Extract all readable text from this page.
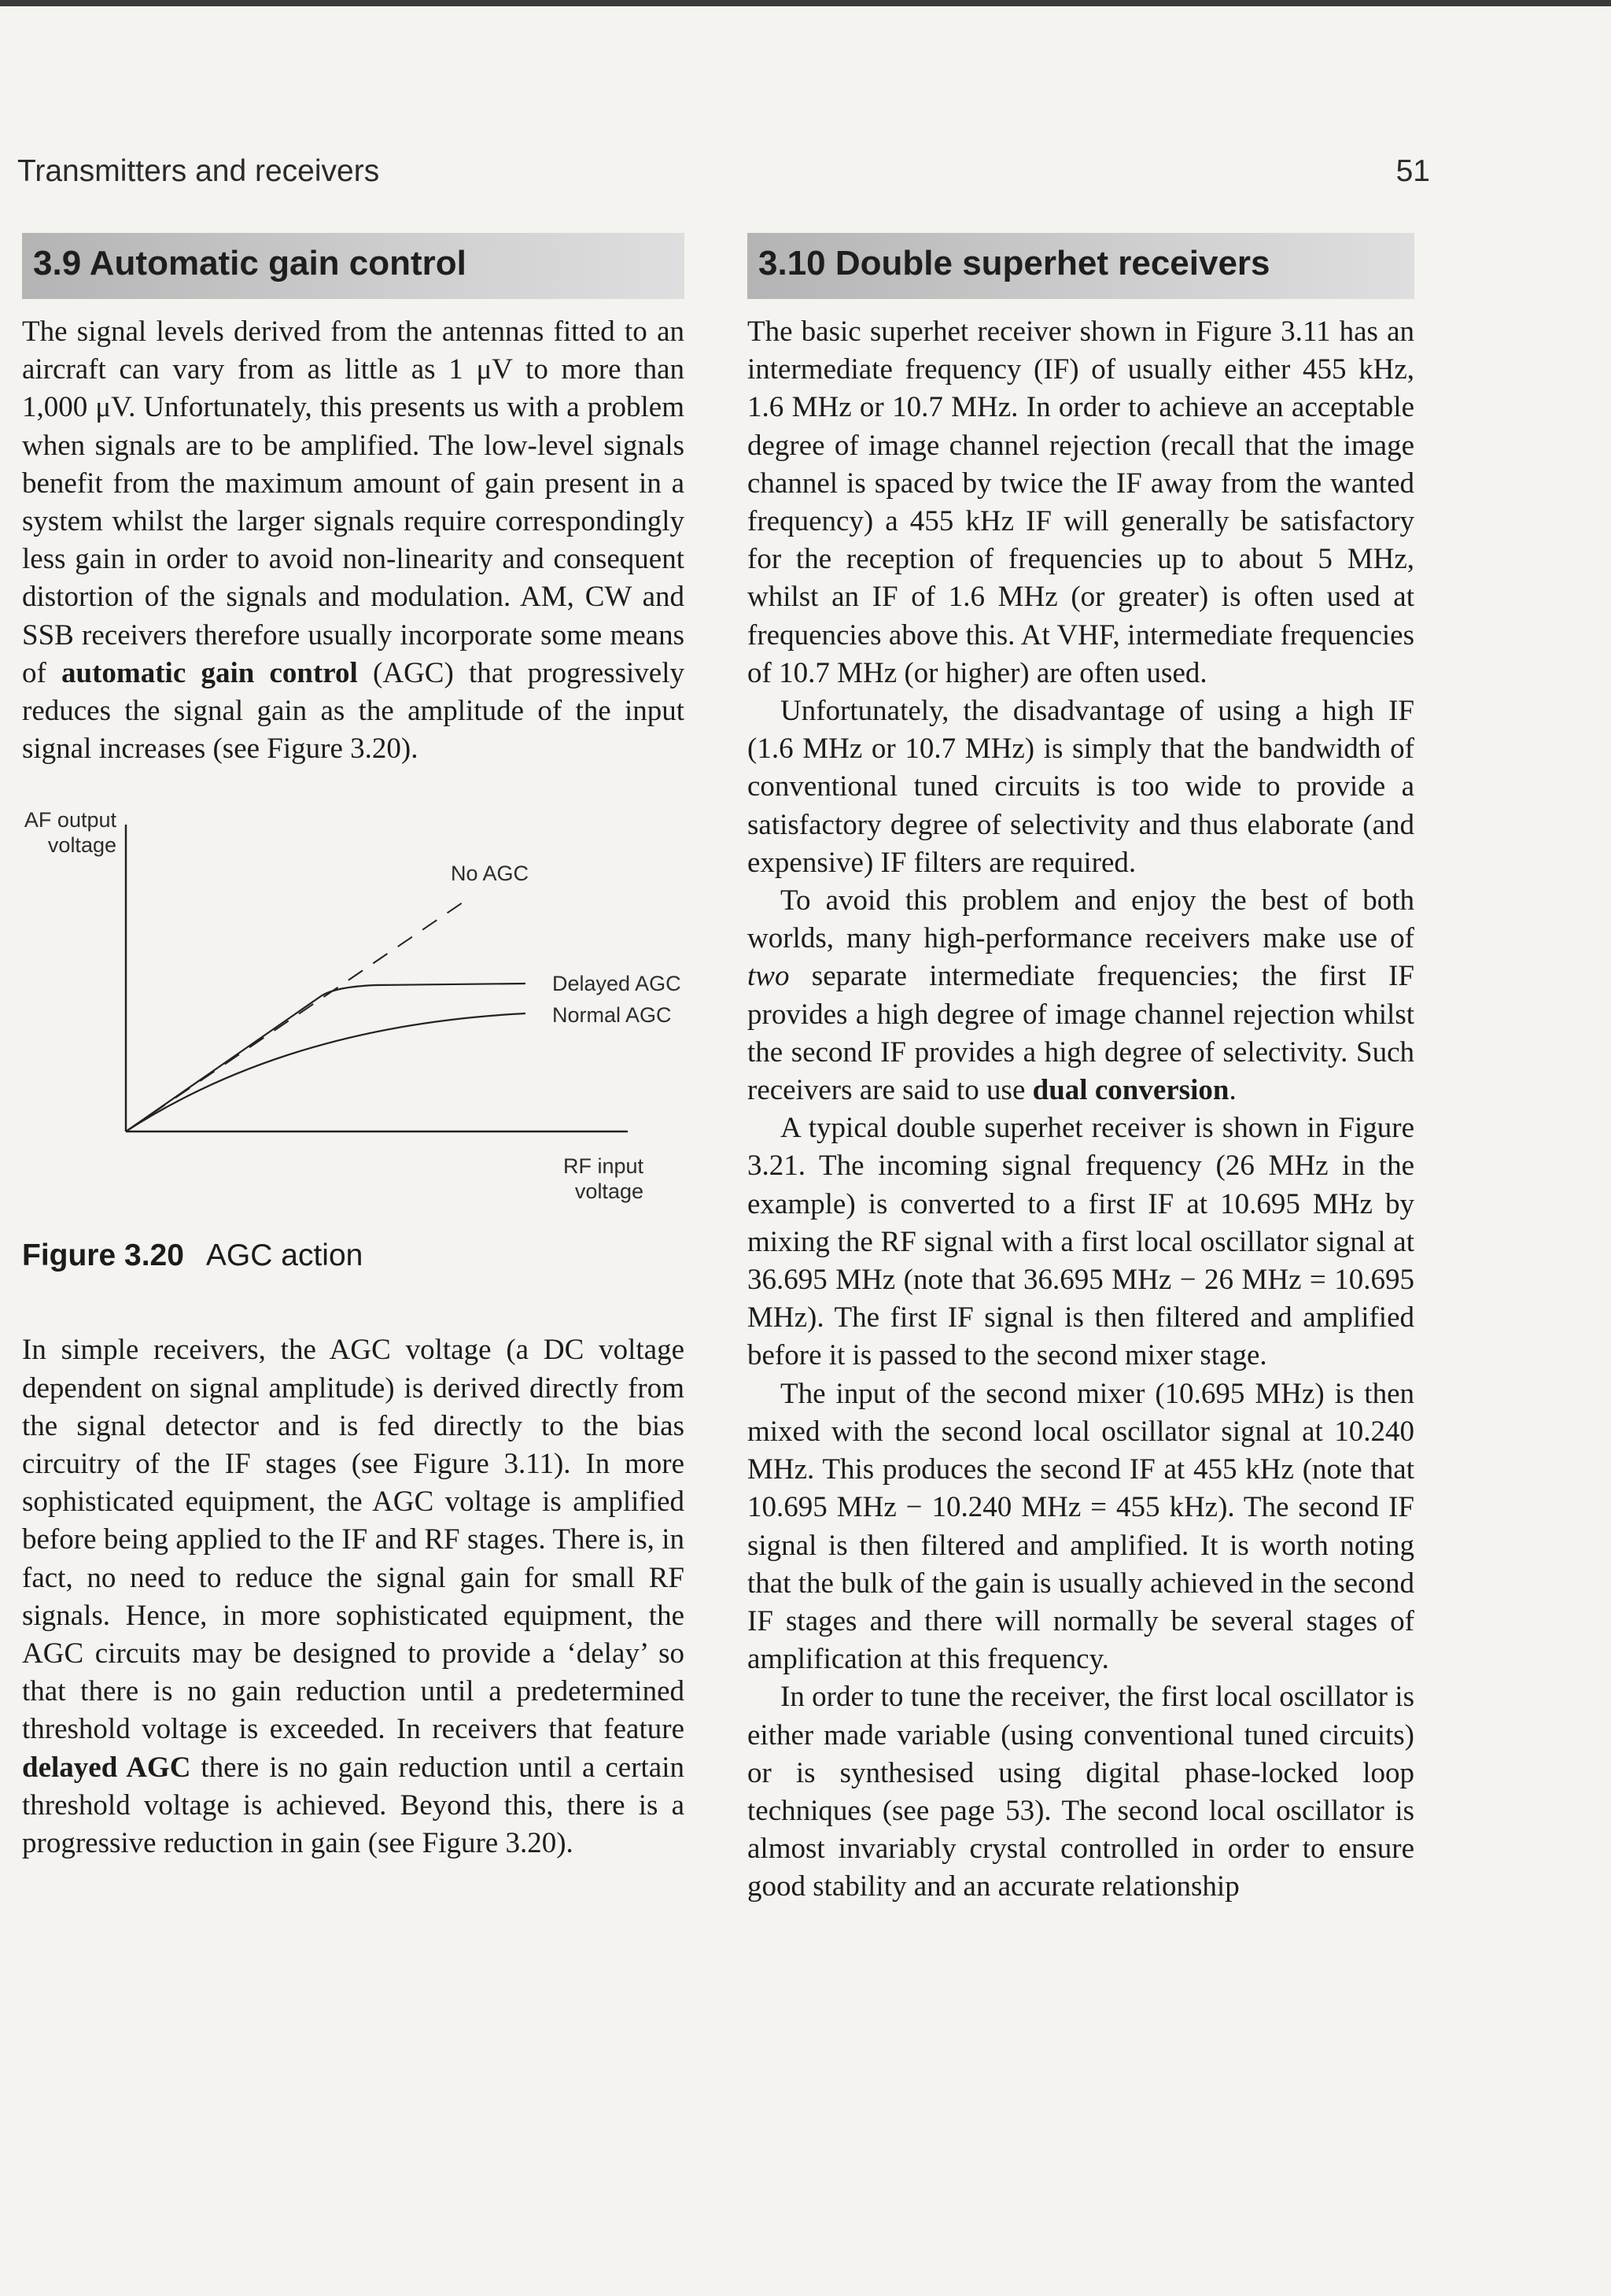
Transmitters and receivers	51
3.9 Automatic gain control

The signal levels derived from the antennas fitted to an aircraft can vary from as little as 1 μV to more than 1,000 μV. Unfortunately, this presents us with a problem when signals are to be amplified. The low-level signals benefit from the maximum amount of gain present in a system whilst the larger signals require correspondingly less gain in order to avoid non-linearity and consequent distortion of the signals and modulation. AM, CW and SSB receivers therefore usually incorporate some means of automatic gain control (AGC) that progressively reduces the signal gain as the amplitude of the input signal increases (see Figure 3.20).

AF output
voltage
No AGC
Delayed AGC
Normal AGC
RF input
voltage
Figure 3.20 AGC action

In simple receivers, the AGC voltage (a DC voltage dependent on signal amplitude) is derived directly from the signal detector and is fed directly to the bias circuitry of the IF stages (see Figure 3.11). In more sophisticated equipment, the AGC voltage is amplified before being applied to the IF and RF stages. There is, in fact, no need to reduce the signal gain for small RF signals. Hence, in more sophisticated equipment, the AGC circuits may be designed to provide a ‘delay’ so that there is no gain reduction until a predetermined threshold voltage is exceeded. In receivers that feature delayed AGC there is no gain reduction until a certain threshold voltage is achieved. Beyond this, there is a progressive reduction in gain (see Figure 3.20).

3.10 Double superhet receivers

The basic superhet receiver shown in Figure 3.11 has an intermediate frequency (IF) of usually either 455 kHz, 1.6 MHz or 10.7 MHz. In order to achieve an acceptable degree of image channel rejection (recall that the image channel is spaced by twice the IF away from the wanted frequency) a 455 kHz IF will generally be satisfactory for the reception of frequencies up to about 5 MHz, whilst an IF of 1.6 MHz (or greater) is often used at frequencies above this. At VHF, intermediate frequencies of 10.7 MHz (or higher) are often used.

Unfortunately, the disadvantage of using a high IF (1.6 MHz or 10.7 MHz) is simply that the bandwidth of conventional tuned circuits is too wide to provide a satisfactory degree of selectivity and thus elaborate (and expensive) IF filters are required.

To avoid this problem and enjoy the best of both worlds, many high-performance receivers make use of two separate intermediate frequencies; the first IF provides a high degree of image channel rejection whilst the second IF provides a high degree of selectivity. Such receivers are said to use dual conversion.

A typical double superhet receiver is shown in Figure 3.21. The incoming signal frequency (26 MHz in the example) is converted to a first IF at 10.695 MHz by mixing the RF signal with a first local oscillator signal at 36.695 MHz (note that 36.695 MHz − 26 MHz = 10.695 MHz). The first IF signal is then filtered and amplified before it is passed to the second mixer stage.

The input of the second mixer (10.695 MHz) is then mixed with the second local oscillator signal at 10.240 MHz. This produces the second IF at 455 kHz (note that 10.695 MHz − 10.240 MHz = 455 kHz). The second IF signal is then filtered and amplified. It is worth noting that the bulk of the gain is usually achieved in the second IF stages and there will normally be several stages of amplification at this frequency.

In order to tune the receiver, the first local oscillator is either made variable (using conventional tuned circuits) or is synthesised using digital phase-locked loop techniques (see page 53). The second local oscillator is almost invariably crystal controlled in order to ensure good stability and an accurate relationship
